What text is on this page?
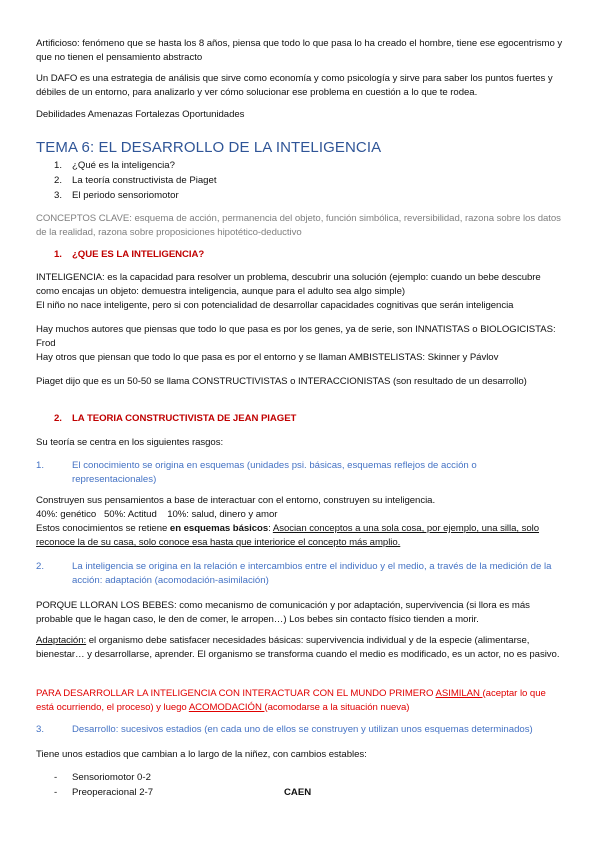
Artificioso: fenómeno que se hasta los 8 años, piensa que todo lo que pasa lo ha creado el hombre, tiene ese egocentrismo y que no tienen el pensamiento abstracto

Un DAFO es una estrategia de análisis que sirve como economía y como psicología y sirve para saber los puntos fuertes y débiles de un entorno, para analizarlo y ver cómo solucionar ese problema en cuestión a lo que te rodea.

Debilidades Amenazas Fortalezas Oportunidades

TEMA 6: EL DESARROLLO DE LA INTELIGENCIA
1. ¿Qué es la inteligencia?
2. La teoría constructivista de Piaget
3. El periodo sensoriomotor

CONCEPTOS CLAVE: esquema de acción, permanencia del objeto, función simbólica, reversibilidad, razona sobre los datos de la realidad, razona sobre proposiciones hipotético-deductivo

1. ¿QUE ES LA INTELIGENCIA?

INTELIGENCIA: es la capacidad para resolver un problema, descubrir una solución (ejemplo: cuando un bebe descubre como encajas un objeto: demuestra inteligencia, aunque para el adulto sea algo simple)

El niño no nace inteligente, pero si con potencialidad de desarrollar capacidades cognitivas que serán inteligencia

Hay muchos autores que piensas que todo lo que pasa es por los genes, ya de serie, son INNATISTAS o BIOLOGICISTAS: Frod

Hay otros que piensan que todo lo que pasa es por el entorno y se llaman AMBISTELISTAS: Skinner y Pávlov

Piaget dijo que es un 50-50 se llama CONSTRUCTIVISTAS o INTERACCIONISTAS (son resultado de un desarrollo)

2. LA TEORIA CONSTRUCTIVISTA DE JEAN PIAGET

Su teoría se centra en los siguientes rasgos:

1.	El conocimiento se origina en esquemas (unidades psi. básicas, esquemas reflejos de acción o representacionales)

Construyen sus pensamientos a base de interactuar con el entorno, construyen su inteligencia.

40%: genético   50%: Actitud    10%: salud, dinero y amor

Estos conocimientos se retiene en esquemas básicos: Asocian conceptos a una sola cosa, por ejemplo, una silla, solo reconoce la de su casa, solo conoce esa hasta que interiorice el concepto más amplio.

2.	La inteligencia se origina en la relación e intercambios entre el individuo y el medio, a través de la medición de la acción: adaptación (acomodación-asimilación)

PORQUE LLORAN LOS BEBES: como mecanismo de comunicación y por adaptación, supervivencia (si llora es más probable que le hagan caso, le den de comer, le arropen…) Los bebes sin contacto físico tienden a morir.

Adaptación: el organismo debe satisfacer necesidades básicas: supervivencia individual y de la especie (alimentarse, bienestar… y desarrollarse, aprender. El organismo se transforma cuando el medio es modificado, es un actor, no es pasivo.

PARA DESARROLLAR LA INTELIGENCIA CON INTERACTUAR CON EL MUNDO PRIMERO ASIMILAN (aceptar lo que está ocurriendo, el proceso) y luego ACOMODACIÓN (acomodarse a la situación nueva)

3.	Desarrollo: sucesivos estadios (en cada uno de ellos se construyen y utilizan unos esquemas determinados)

Tiene unos estadios que cambian a lo largo de la niñez, con cambios estables:

- Sensoriomotor 0-2
- Preoperacional 2-7	CAEN
